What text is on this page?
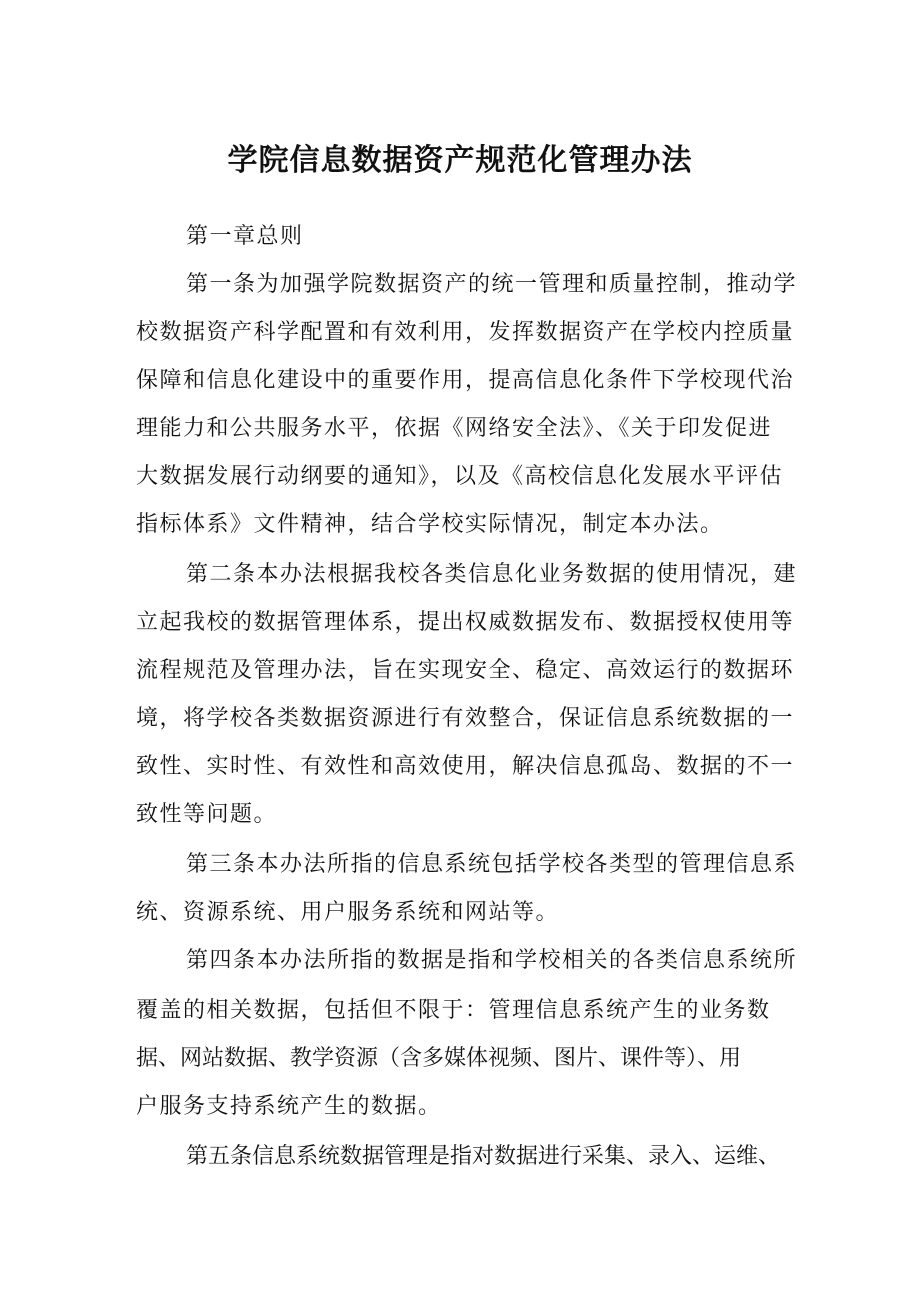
学院信息数据资产规范化管理办法
第一章总则
第一条为加强学院数据资产的统一管理和质量控制，推动学
校数据资产科学配置和有效利用，发挥数据资产在学校内控质量
保障和信息化建设中的重要作用，提高信息化条件下学校现代治
理能力和公共服务水平，依据《网络安全法》、《关于印发促进
大数据发展行动纲要的通知》，以及《高校信息化发展水平评估
指标体系》文件精神，结合学校实际情况，制定本办法。
第二条本办法根据我校各类信息化业务数据的使用情况，建
立起我校的数据管理体系，提出权威数据发布、数据授权使用等
流程规范及管理办法，旨在实现安全、稳定、高效运行的数据环
境，将学校各类数据资源进行有效整合，保证信息系统数据的一
致性、实时性、有效性和高效使用，解决信息孤岛、数据的不一
致性等问题。
第三条本办法所指的信息系统包括学校各类型的管理信息系
统、资源系统、用户服务系统和网站等。
第四条本办法所指的数据是指和学校相关的各类信息系统所
覆盖的相关数据，包括但不限于：管理信息系统产生的业务数
据、网站数据、教学资源（含多媒体视频、图片、课件等）、用
户服务支持系统产生的数据。
第五条信息系统数据管理是指对数据进行采集、录入、运维、
